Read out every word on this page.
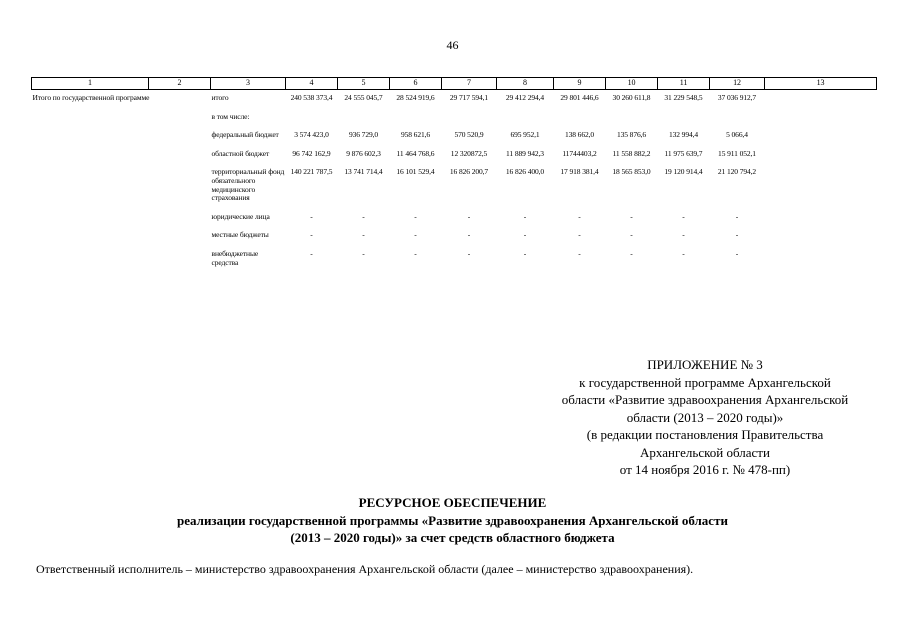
46
1	2	3	4	5	6	7	8	9	10	11	12	13
Итого по государственной программе		итого	240 538 373,4	24 555 045,7	28 524 919,6	29 717 594,1	29 412 294,4	29 801 446,6	30 260 611,8	31 229 548,5	37 036 912,7	
		в том числе:										
		федеральный бюджет	3 574 423,0	936 729,0	958 621,6	570 520,9	695 952,1	138 662,0	135 876,6	132 994,4	5 066,4	
		областной бюджет	96 742 162,9	9 876 602,3	11 464 768,6	12 320872,5	11 889 942,3	11744403,2	11 558 882,2	11 975 639,7	15 911 052,1	
		территориальный фонд обязательного медицинского страхования	140 221 787,5	13 741 714,4	16 101 529,4	16 826 200,7	16 826 400,0	17 918 381,4	18 565 853,0	19 120 914,4	21 120 794,2	
		юридические лица	-	-	-	-	-	-	-	-	-	
		местные бюджеты	-	-	-	-	-	-	-	-	-	
		внебюджетные средства	-	-	-	-	-	-	-	-	-	
ПРИЛОЖЕНИЕ № 3
к государственной программе Архангельской
области «Развитие здравоохранения Архангельской
области (2013 – 2020 годы)»
(в редакции постановления Правительства
Архангельской области
от 14 ноября 2016 г. № 478-пп)
РЕСУРСНОЕ ОБЕСПЕЧЕНИЕ
реализации государственной программы «Развитие здравоохранения Архангельской области
(2013 – 2020 годы)» за счет средств областного бюджета
Ответственный исполнитель – министерство здравоохранения Архангельской области (далее – министерство здравоохранения).
